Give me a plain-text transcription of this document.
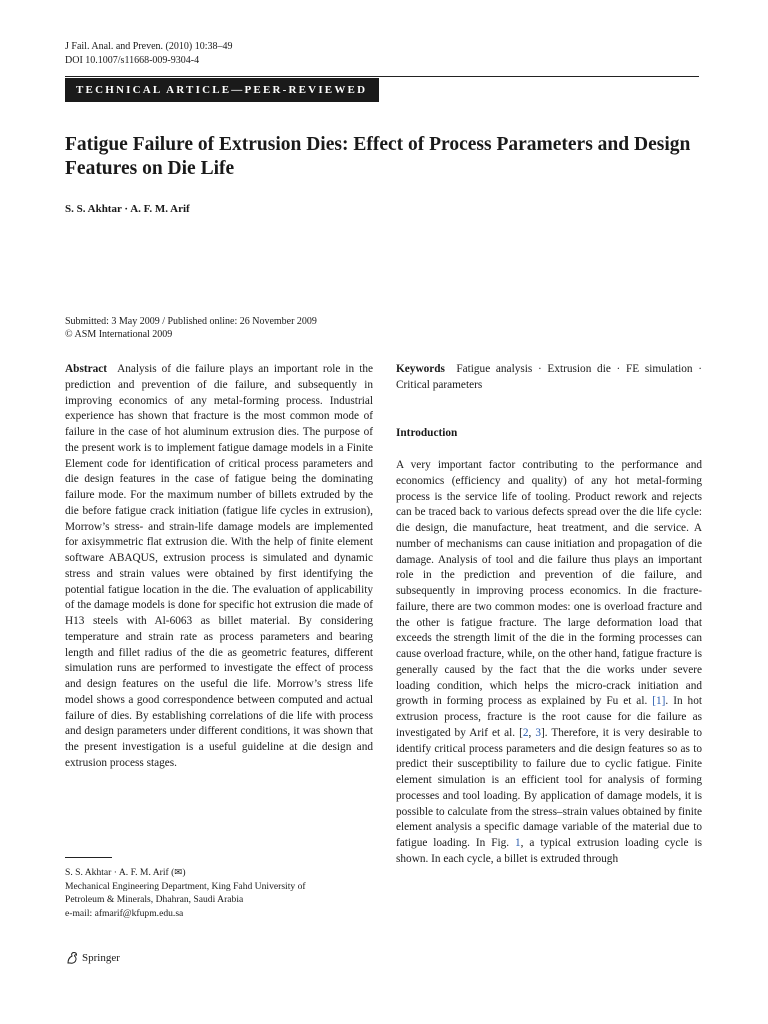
J Fail. Anal. and Preven. (2010) 10:38–49
DOI 10.1007/s11668-009-9304-4
TECHNICAL ARTICLE—PEER-REVIEWED
Fatigue Failure of Extrusion Dies: Effect of Process Parameters and Design Features on Die Life
S. S. Akhtar · A. F. M. Arif
Submitted: 3 May 2009 / Published online: 26 November 2009
© ASM International 2009
Abstract Analysis of die failure plays an important role in the prediction and prevention of die failure, and subsequently in improving economics of any metal-forming process. Industrial experience has shown that fracture is the most common mode of failure in the case of hot aluminum extrusion dies. The purpose of the present work is to implement fatigue damage models in a Finite Element code for identification of critical process parameters and die design features in the case of fatigue being the dominating failure mode. For the maximum number of billets extruded by the die before fatigue crack initiation (fatigue life cycles in extrusion), Morrow’s stress- and strain-life damage models are implemented for axisymmetric flat extrusion die. With the help of finite element software ABAQUS, extrusion process is simulated and dynamic stress and strain values were obtained by first identifying the potential fatigue location in the die. The evaluation of applicability of the damage models is done for specific hot extrusion die made of H13 steels with Al-6063 as billet material. By considering temperature and strain rate as process parameters and bearing length and fillet radius of the die as geometric features, different simulation runs are performed to investigate the effect of process and design features on the useful die life. Morrow’s stress life model shows a good correspondence between computed and actual failure of dies. By establishing correlations of die life with process and design parameters under different conditions, it was shown that the present investigation is a useful guideline at die design and extrusion process stages.
Keywords Fatigue analysis · Extrusion die · FE simulation · Critical parameters
Introduction
A very important factor contributing to the performance and economics (efficiency and quality) of any hot metal-forming process is the service life of tooling. Product rework and rejects can be traced back to various defects spread over the die life cycle: die design, die manufacture, heat treatment, and die service. A number of mechanisms can cause initiation and propagation of die damage. Analysis of tool and die failure thus plays an important role in the prediction and prevention of die failure, and subsequently in improving process economics. In die fracture-failure, there are two common modes: one is overload fracture and the other is fatigue fracture. The large deformation load that exceeds the strength limit of the die in the forming processes can cause overload fracture, while, on the other hand, fatigue fracture is generally caused by the fact that the die works under severe loading condition, which helps the micro-crack initiation and growth in forming process as explained by Fu et al. [1]. In hot extrusion process, fracture is the root cause for die failure as investigated by Arif et al. [2, 3]. Therefore, it is very desirable to identify critical process parameters and die design features so as to predict their susceptibility to failure due to cyclic fatigue. Finite element simulation is an efficient tool for analysis of forming processes and tool loading. By application of damage models, it is possible to calculate from the stress–strain values obtained by finite element analysis a specific damage variable of the material due to fatigue loading. In Fig. 1, a typical extrusion loading cycle is shown. In each cycle, a billet is extruded through
S. S. Akhtar · A. F. M. Arif (✉)
Mechanical Engineering Department, King Fahd University of
Petroleum & Minerals, Dhahran, Saudi Arabia
e-mail: afmarif@kfupm.edu.sa
Springer
